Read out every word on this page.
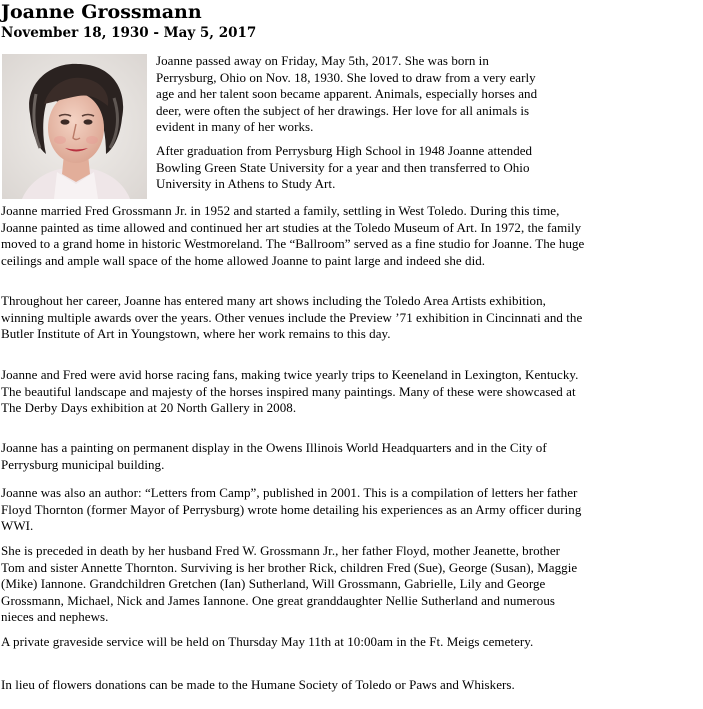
Joanne Grossmann
November 18, 1930 - May 5, 2017

Joanne passed away on Friday, May 5th, 2017. She was born in Perrysburg, Ohio on Nov. 18, 1930. She loved to draw from a very early age and her talent soon became apparent. Animals, especially horses and deer, were often the subject of her drawings. Her love for all animals is evident in many of her works.

After graduation from Perrysburg High School in 1948 Joanne attended Bowling Green State University for a year and then transferred to Ohio University in Athens to Study Art.

Joanne married Fred Grossmann Jr. in 1952 and started a family, settling in West Toledo. During this time, Joanne painted as time allowed and continued her art studies at the Toledo Museum of Art. In 1972, the family moved to a grand home in historic Westmoreland. The “Ballroom” served as a fine studio for Joanne. The huge ceilings and ample wall space of the home allowed Joanne to paint large and indeed she did.

Throughout her career, Joanne has entered many art shows including the Toledo Area Artists exhibition, winning multiple awards over the years. Other venues include the Preview ’71 exhibition in Cincinnati and the Butler Institute of Art in Youngstown, where her work remains to this day.

Joanne and Fred were avid horse racing fans, making twice yearly trips to Keeneland in Lexington, Kentucky. The beautiful landscape and majesty of the horses inspired many paintings. Many of these were showcased at The Derby Days exhibition at 20 North Gallery in 2008.

Joanne has a painting on permanent display in the Owens Illinois World Headquarters and in the City of Perrysburg municipal building.

Joanne was also an author: “Letters from Camp”, published in 2001. This is a compilation of letters her father Floyd Thornton (former Mayor of Perrysburg) wrote home detailing his experiences as an Army officer during WWI.

She is preceded in death by her husband Fred W. Grossmann Jr., her father Floyd, mother Jeanette, brother Tom and sister Annette Thornton. Surviving is her brother Rick, children Fred (Sue), George (Susan), Maggie (Mike) Iannone. Grandchildren Gretchen (Ian) Sutherland, Will Grossmann, Gabrielle, Lily and George Grossmann, Michael, Nick and James Iannone. One great granddaughter Nellie Sutherland and numerous nieces and nephews.

A private graveside service will be held on Thursday May 11th at 10:00am in the Ft. Meigs cemetery.

In lieu of flowers donations can be made to the Humane Society of Toledo or Paws and Whiskers.
